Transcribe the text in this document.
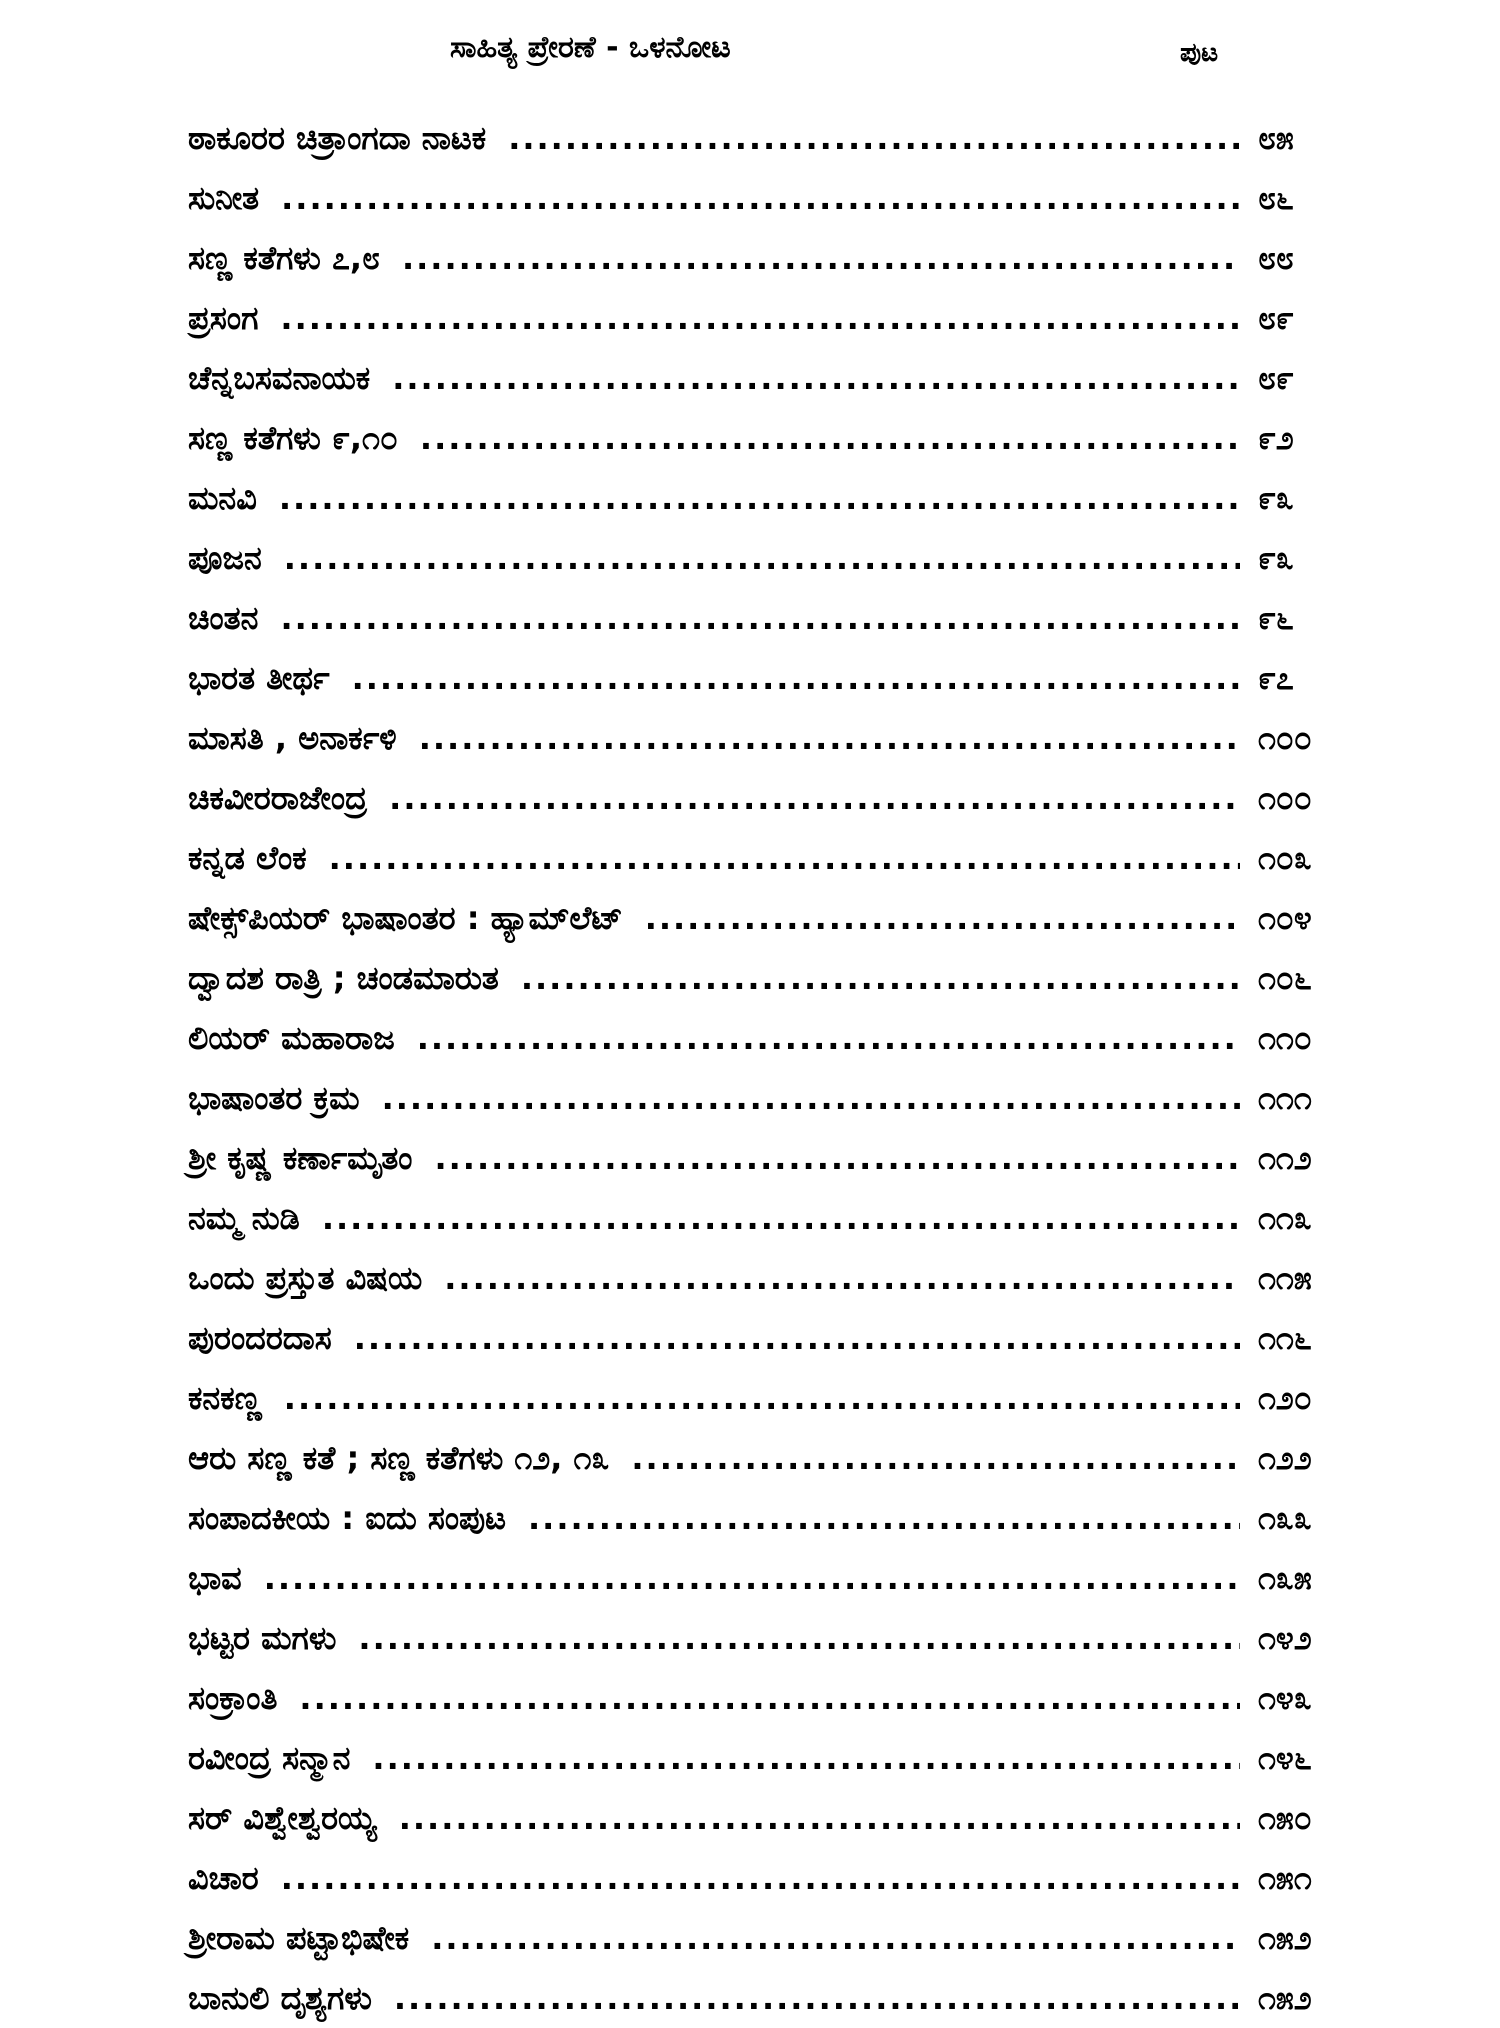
ಸಾಹಿತ್ಯ ಪ್ರೇರಣೆ - ಒಳನೋಟ	ಪುಟ
ಠಾಕೂರರ ಚಿತ್ರಾಂಗದಾ ನಾಟಕ .....	೮೫
ಸುನೀತ .....	೮೬
ಸಣ್ಣ ಕತೆಗಳು ೭,೮ .....	೮೮
ಪ್ರಸಂಗ .....	೮೯
ಚೆನ್ನಬಸವನಾಯಕ .....	೮೯
ಸಣ್ಣ ಕತೆಗಳು ೯,೧೦ .....	೯೨
ಮನವಿ .....	೯೩
ಪೂಜನ .....	೯೩
ಚಿಂತನ .....	೯೬
ಭಾರತ ತೀರ್ಥ .....	೯೭
ಮಾಸತಿ , ಅನಾರ್ಕಳಿ .....	೧೦೦
ಚಿಕವೀರರಾಜೇಂದ್ರ .....	೧೦೦
ಕನ್ನಡ ಲೆಂಕ .....	೧೦೩
ಷೇಕ್ಸ್‌ಪಿಯರ್ ಭಾಷಾಂತರ : ಹ್ಯಾಮ್‌ಲೆಟ್ .....	೧೦೪
ದ್ವಾದಶ ರಾತ್ರಿ ; ಚಂಡಮಾರುತ .....	೧೦೬
ಲಿಯರ್ ಮಹಾರಾಜ .....	೧೧೦
ಭಾಷಾಂತರ ಕ್ರಮ .....	೧೧೧
ಶ್ರೀ ಕೃಷ್ಣ ಕರ್ಣಾಮೃತಂ .....	೧೧೨
ನಮ್ಮ ನುಡಿ .....	೧೧೩
ಒಂದು ಪ್ರಸ್ತುತ ವಿಷಯ .....	೧೧೫
ಪುರಂದರದಾಸ .....	೧೧೬
ಕನಕಣ್ಣ .....	೧೨೦
ಆರು ಸಣ್ಣ ಕತೆ ; ಸಣ್ಣ ಕತೆಗಳು ೧೨, ೧೩ .....	೧೨೨
ಸಂಪಾದಕೀಯ : ಐದು ಸಂಪುಟ .....	೧೩೩
ಭಾವ .....	೧೩೫
ಭಟ್ಟರ ಮಗಳು .....	೧೪೨
ಸಂಕ್ರಾಂತಿ .....	೧೪೩
ರವೀಂದ್ರ ಸನ್ಮಾನ .....	೧೪೬
ಸರ್ ವಿಶ್ವೇಶ್ವರಯ್ಯ .....	೧೫೦
ವಿಚಾರ .....	೧೫೧
ಶ್ರೀರಾಮ ಪಟ್ಟಾಭಿಷೇಕ .....	೧೫೨
ಬಾನುಲಿ ದೃಶ್ಯಗಳು .....	೧೫೨
